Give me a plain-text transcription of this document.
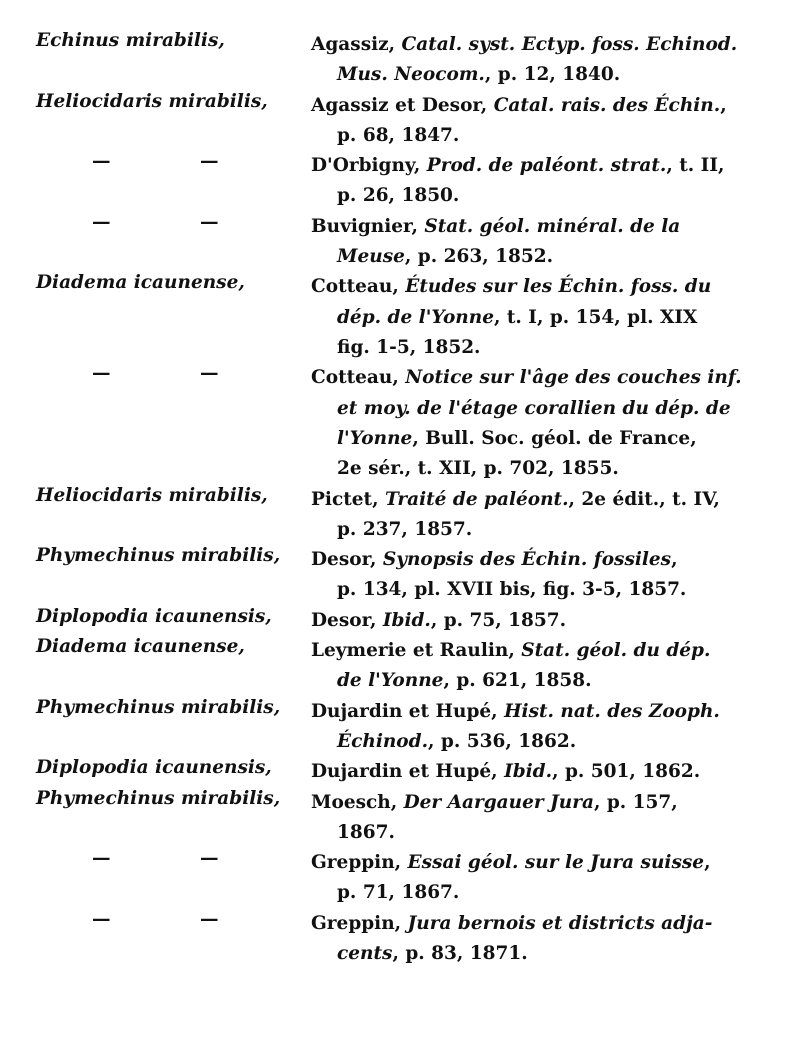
Echinus mirabilis,	Agassiz, Catal. syst. Ectyp. foss. Echinod.
Mus. Neocom., p. 12, 1840.
Heliocidaris mirabilis, Agassiz et Desor, Catal. rais. des Échin.,
p. 68, 1847.
—	—	D'Orbigny, Prod. de paléont. strat., t. II,
p. 26, 1850.
—	—	Buvignier, Stat. géol. minéral. de la
Meuse, p. 263, 1852.
Diadema icaunense,	Cotteau, Études sur les Échin. foss. du
dép. de l'Yonne, t. I, p. 154, pl. XIX
fig. 1-5, 1852.
—	—	Cotteau, Notice sur l'âge des couches inf.
et moy. de l'étage corallien du dép. de
l'Yonne, Bull. Soc. géol. de France,
2e sér., t. XII, p. 702, 1855.
Heliocidaris mirabilis, Pictet, Traité de paléont., 2e édit., t. IV,
p. 237, 1857.
Phymechinus mirabilis, Desor, Synopsis des Échin. fossiles,
p. 134, pl. XVII bis, fig. 3-5, 1857.
Diplopodia icaunensis, Desor, Ibid., p. 75, 1857.
Diadema icaunense,	Leymerie et Raulin, Stat. géol. du dép.
de l'Yonne, p. 621, 1858.
Phymechinus mirabilis, Dujardin et Hupé, Hist. nat. des Zooph.
Échinod., p. 536, 1862.
Diplopodia icaunensis, Dujardin et Hupé, Ibid., p. 501, 1862.
Phymechinus mirabilis, Moesch, Der Aargauer Jura, p. 157,
1867.
—	—	Greppin, Essai géol. sur le Jura suisse,
p. 71, 1867.
—	—	Greppin, Jura bernois et districts adja-
cents, p. 83, 1871.
